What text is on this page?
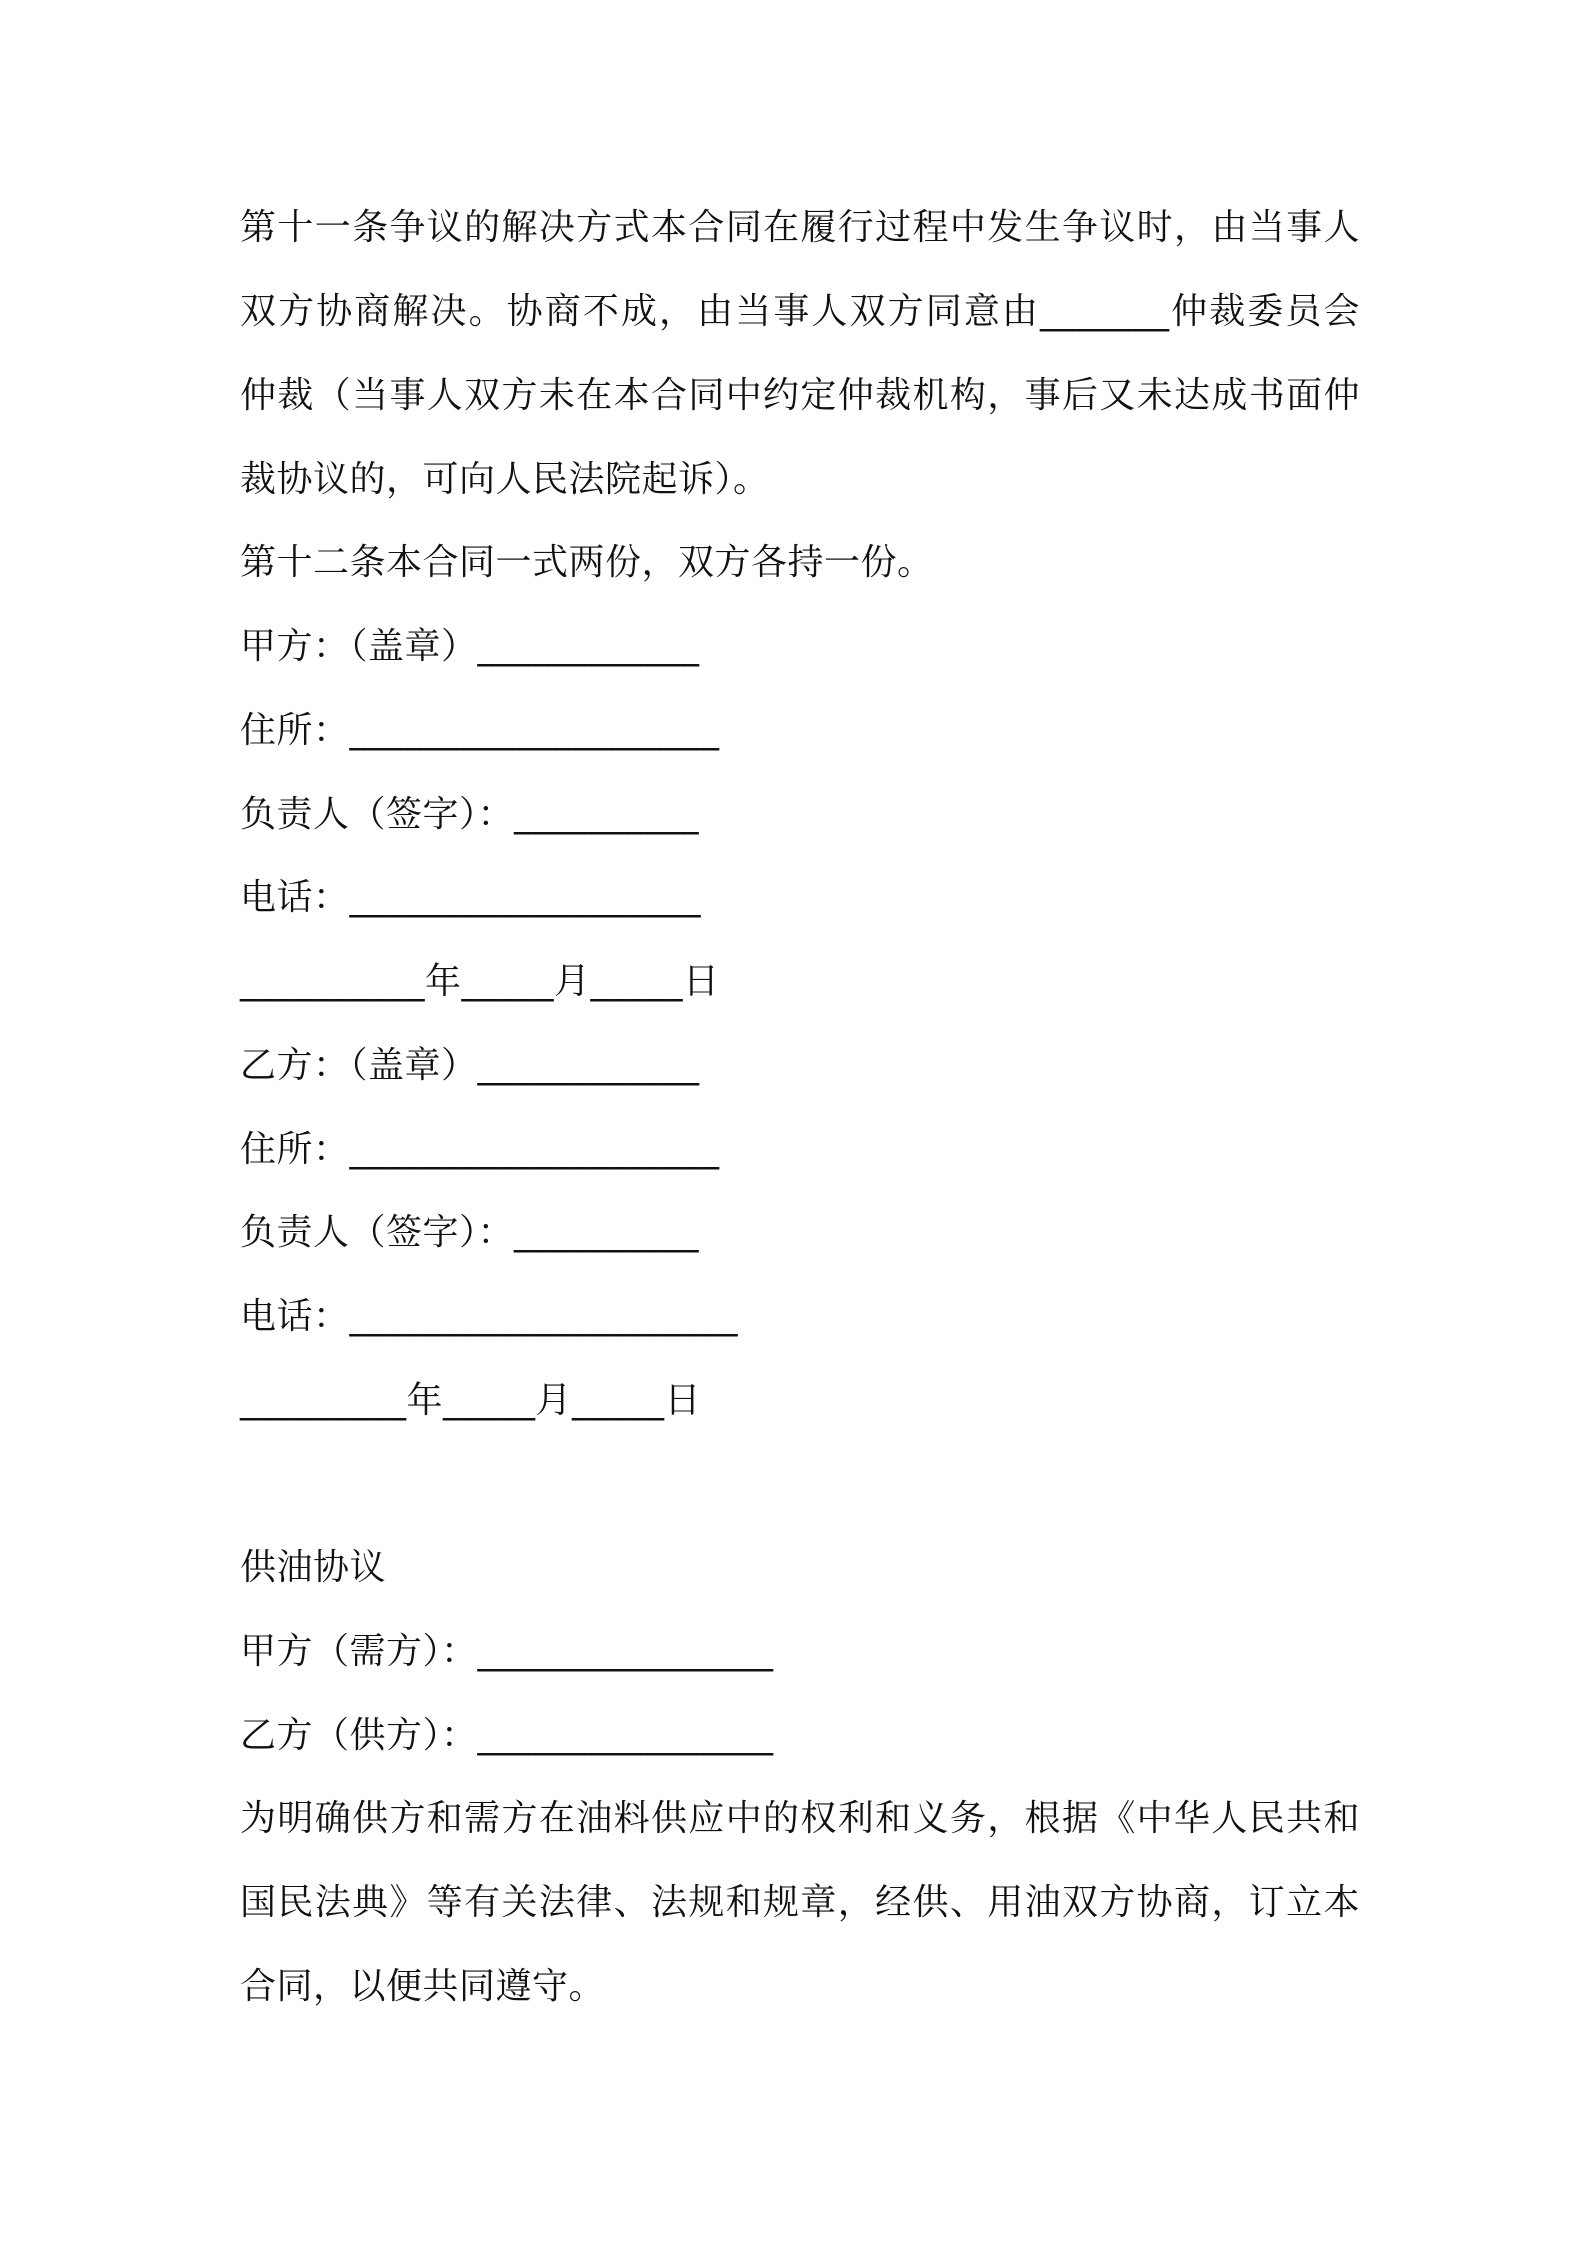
第十一条争议的解决方式本合同在履行过程中发生争议时，由当事人
双方协商解决。协商不成，由当事人双方同意由_______仲裁委员会
仲裁（当事人双方未在本合同中约定仲裁机构，事后又未达成书面仲
裁协议的，可向人民法院起诉）。
第十二条本合同一式两份，双方各持一份。
甲方：（盖章）____________
住所：____________________
负责人（签字）：__________
电话：___________________
__________年_____月_____日
乙方：（盖章）____________
住所：____________________
负责人（签字）：__________
电话：_____________________
_________年_____月_____日
供油协议
甲方（需方）：________________
乙方（供方）：________________
为明确供方和需方在油料供应中的权利和义务，根据《中华人民共和
国民法典》等有关法律、法规和规章，经供、用油双方协商，订立本
合同，以便共同遵守。
